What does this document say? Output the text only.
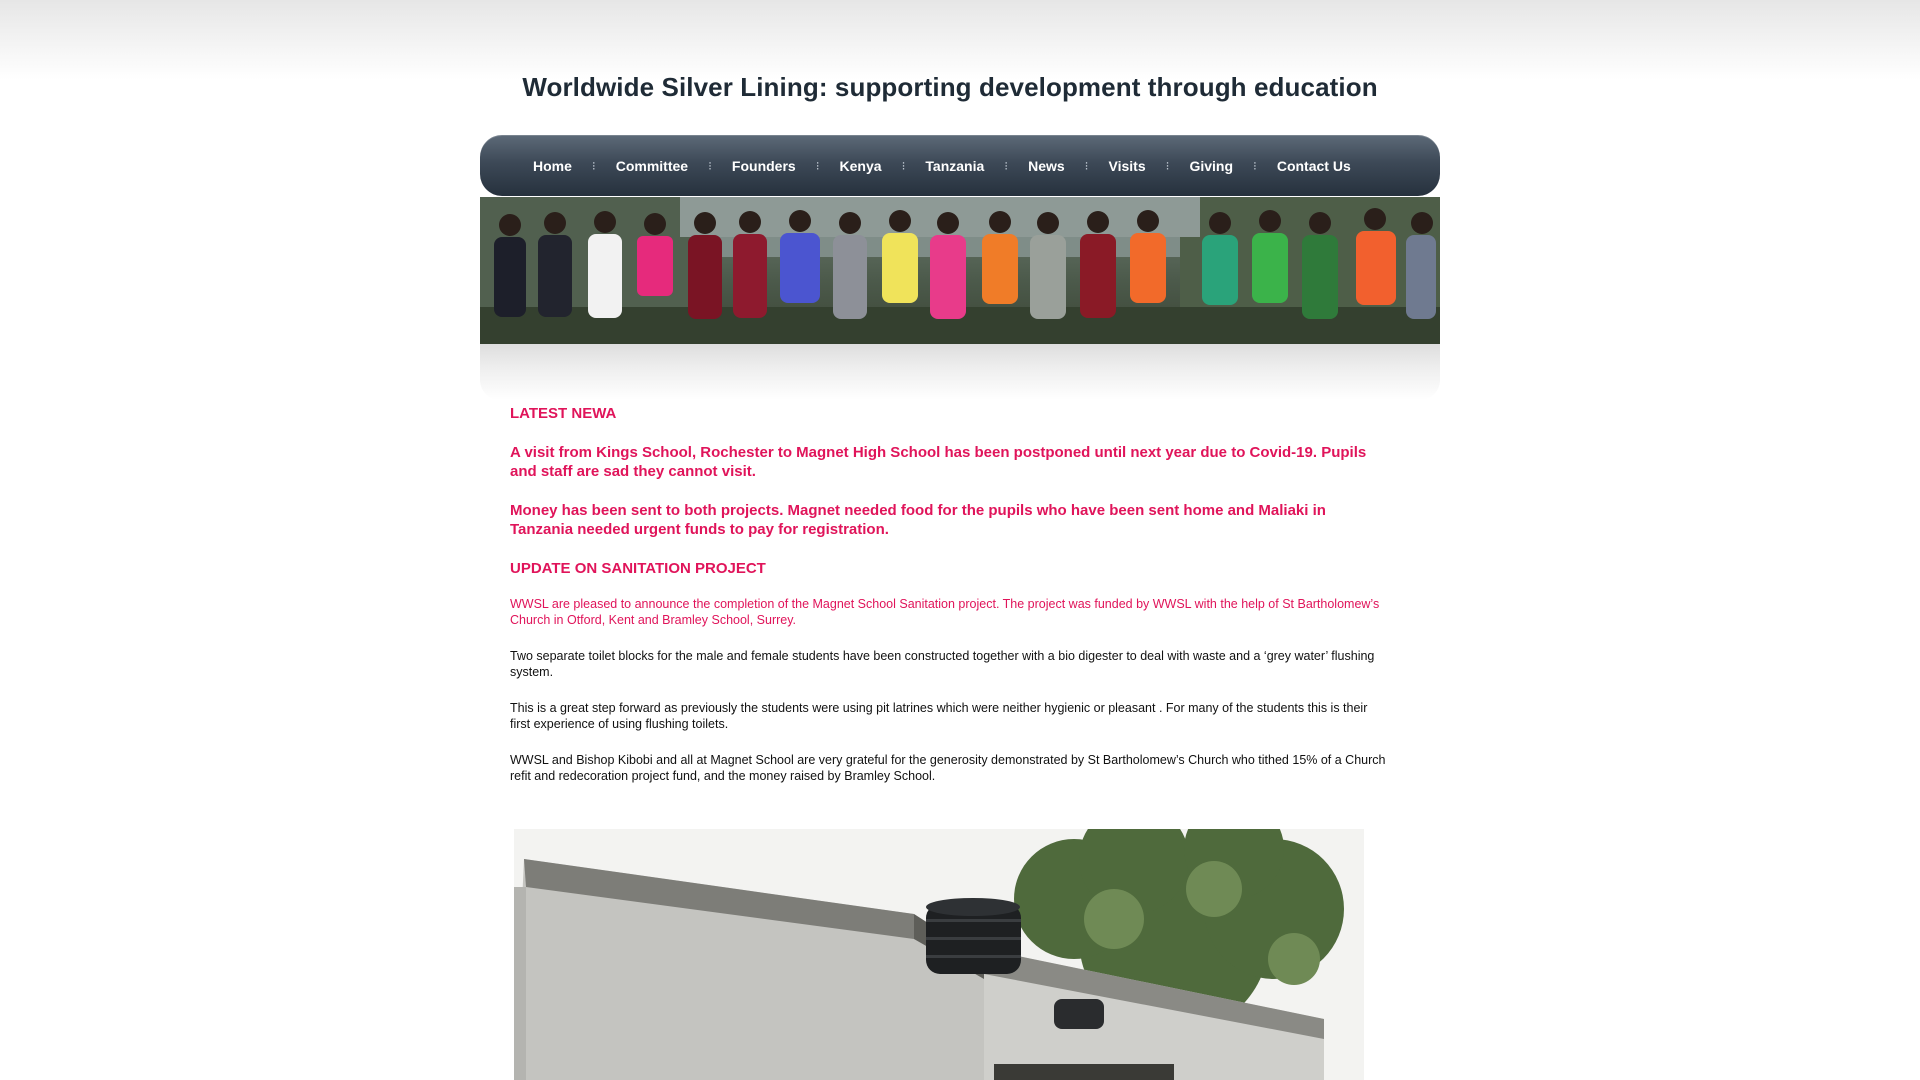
Worldwide Silver Lining: supporting development through education
Home	⁝	Committee	⁝	Founders	⁝	Kenya	⁝	Tanzania	⁝	News	⁝	Visits	⁝	Giving	⁝	Contact Us

LATEST NEWA

A visit from Kings School, Rochester to Magnet High School has been postponed until next year due to Covid-19. Pupils and staff are sad they cannot visit.

Money has been sent to both projects. Magnet needed food for the pupils who have been sent home and Maliaki in Tanzania needed urgent funds to pay for registration.

UPDATE ON SANITATION PROJECT

WWSL are pleased to announce the completion of the Magnet School Sanitation project. The project was funded by WWSL with the help of St Bartholomew’s Church in Otford, Kent and Bramley School, Surrey.

Two separate toilet blocks for the male and female students have been constructed together with a bio digester to deal with waste and a ‘grey water’ flushing system.

This is a great step forward as previously the students were using pit latrines which were neither hygienic or pleasant . For many of the students this is their first experience of using flushing toilets.

WWSL and Bishop Kibobi and all at Magnet School are very grateful for the generosity demonstrated by St Bartholomew’s Church who tithed 15% of a Church refit and redecoration project fund, and the money raised by Bramley School.
